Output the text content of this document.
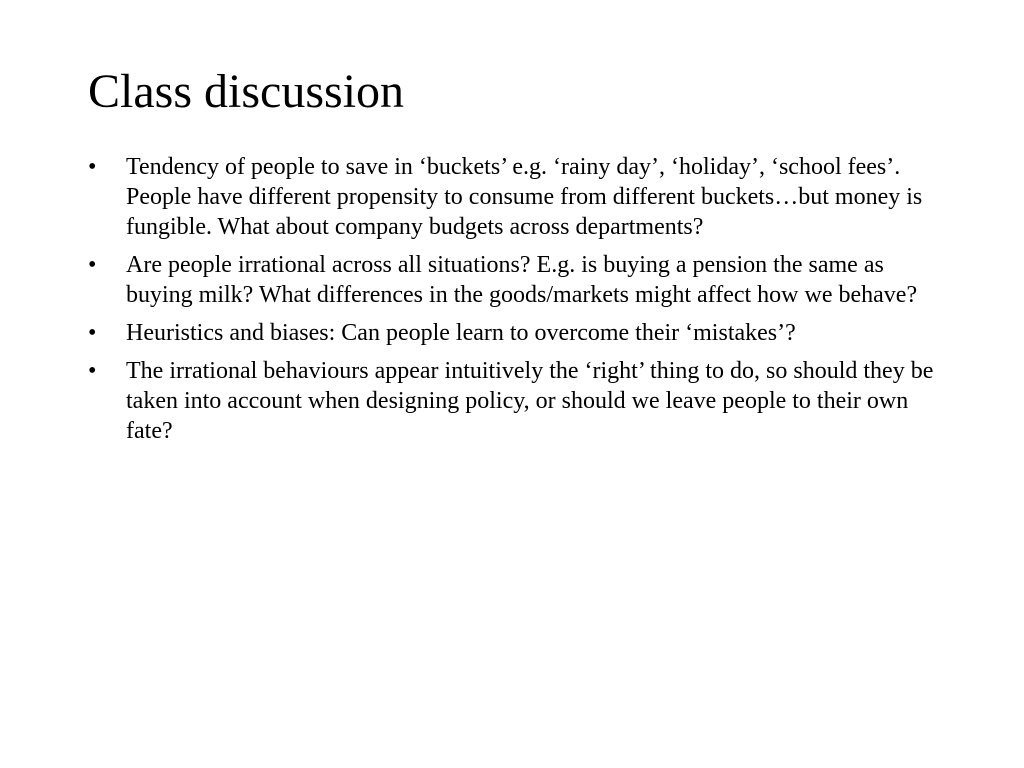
Class discussion
• Tendency of people to save in ‘buckets’ e.g. ‘rainy day’, ‘holiday’, ‘school fees’. People have different propensity to consume from different buckets…but money is fungible. What about company budgets across departments?
• Are people irrational across all situations? E.g. is buying a pension the same as buying milk? What differences in the goods/markets might affect how we behave?
• Heuristics and biases: Can people learn to overcome their ‘mistakes’?
• The irrational behaviours appear intuitively the ‘right’ thing to do, so should they be taken into account when designing policy, or should we leave people to their own fate?
